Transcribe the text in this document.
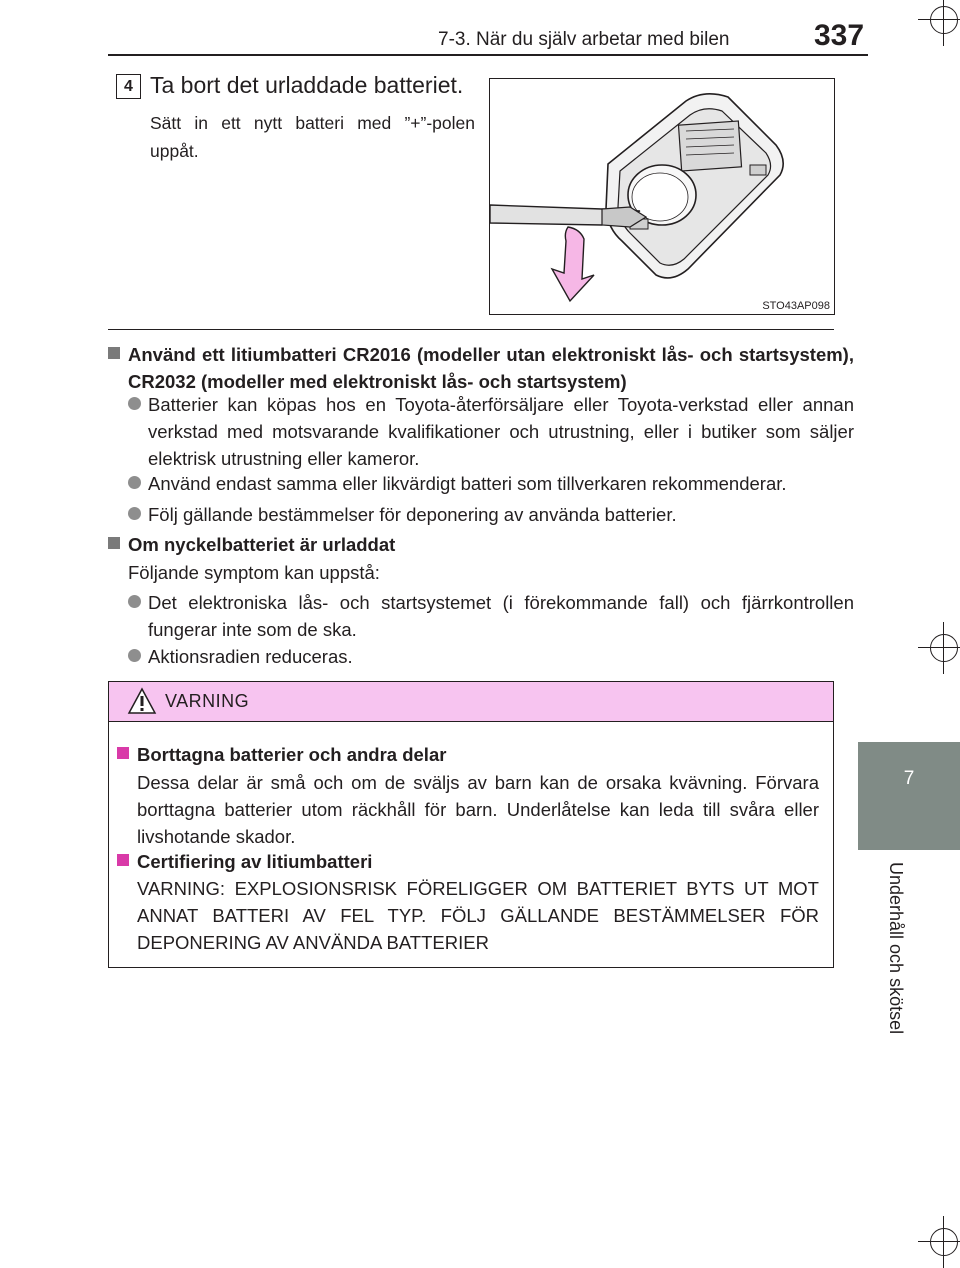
7-3. När du själv arbetar med bilen	337
7
Underhåll och skötsel
4 Ta bort det urladdade batteriet.
Sätt in ett nytt batteri med ”+”-polen uppåt.
STO43AP098
Använd ett litiumbatteri CR2016 (modeller utan elektroniskt lås- och startsystem), CR2032 (modeller med elektroniskt lås- och startsystem)
Batterier kan köpas hos en Toyota-återförsäljare eller Toyota-verkstad eller annan verkstad med motsvarande kvalifikationer och utrustning, eller i butiker som säljer elektrisk utrustning eller kameror.
Använd endast samma eller likvärdigt batteri som tillverkaren rekommenderar.
Följ gällande bestämmelser för deponering av använda batterier.
Om nyckelbatteriet är urladdat
Följande symptom kan uppstå:
Det elektroniska lås- och startsystemet (i förekommande fall) och fjärrkontrollen fungerar inte som de ska.
Aktionsradien reduceras.
VARNING
Borttagna batterier och andra delar
Dessa delar är små och om de sväljs av barn kan de orsaka kvävning. Förvara borttagna batterier utom räckhåll för barn. Underlåtelse kan leda till svåra eller livshotande skador.
Certifiering av litiumbatteri
VARNING: EXPLOSIONSRISK FÖRELIGGER OM BATTERIET BYTS UT MOT ANNAT BATTERI AV FEL TYP. FÖLJ GÄLLANDE BESTÄMMELSER FÖR DEPONERING AV ANVÄNDA BATTERIER
